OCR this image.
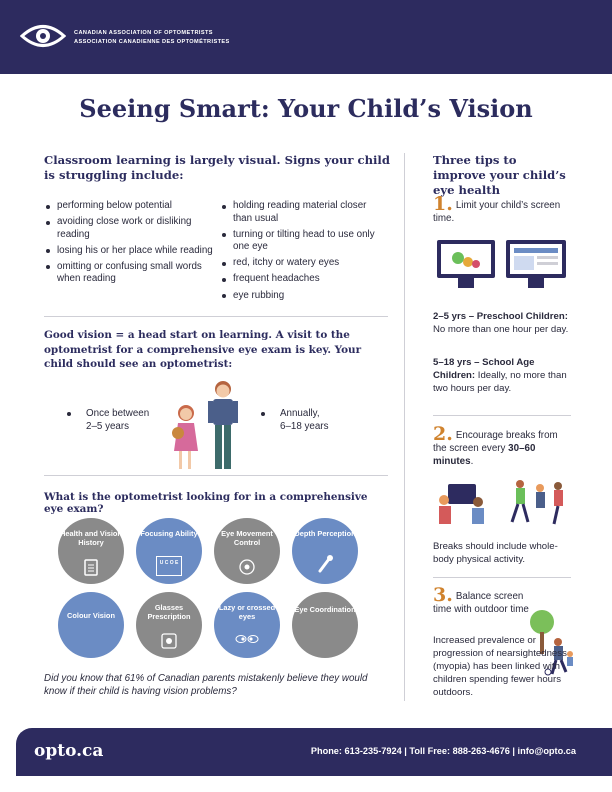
CANADIAN ASSOCIATION OF OPTOMETRISTS
ASSOCIATION CANADIENNE DES OPTOMÉTRISTES
Seeing Smart: Your Child’s Vision
Classroom learning is largely visual. Signs your child is struggling include:
performing below potential
avoiding close work or disliking reading
losing his or her place while reading
omitting or confusing small words when reading
holding reading material closer than usual
turning or tilting head to use only one eye
red, itchy or watery eyes
frequent headaches
eye rubbing
Good vision = a head start on learning. A visit to the optometrist for a comprehensive eye exam is key. Your child should see an optometrist:
Once between
2–5 years
Annually,
6–18 years
What is the optometrist looking for in a comprehensive eye exam?
Health and Vision History
Focusing Ability
U C O E
Eye Movement Control
Depth Perception
Colour Vision
Glasses Prescription
Lazy or crossed eyes
Eye Coordination
Did you know that 61% of Canadian parents mistakenly believe they would know if their child is having vision problems?
Three tips to improve your child’s eye health
1. Limit your child’s screen time.
2–5 yrs – Preschool Children: No more than one hour per day.
5–18 yrs – School Age Children: Ideally, no more than two hours per day.
2. Encourage breaks from the screen every 30–60 minutes.
Breaks should include whole-body physical activity.
3. Balance screen time with outdoor time
Increased prevalence or progression of nearsightedness (myopia) has been linked with children spending fewer hours outdoors.
opto.ca	Phone: 613-235-7924 | Toll Free: 888-263-4676 | info@opto.ca
